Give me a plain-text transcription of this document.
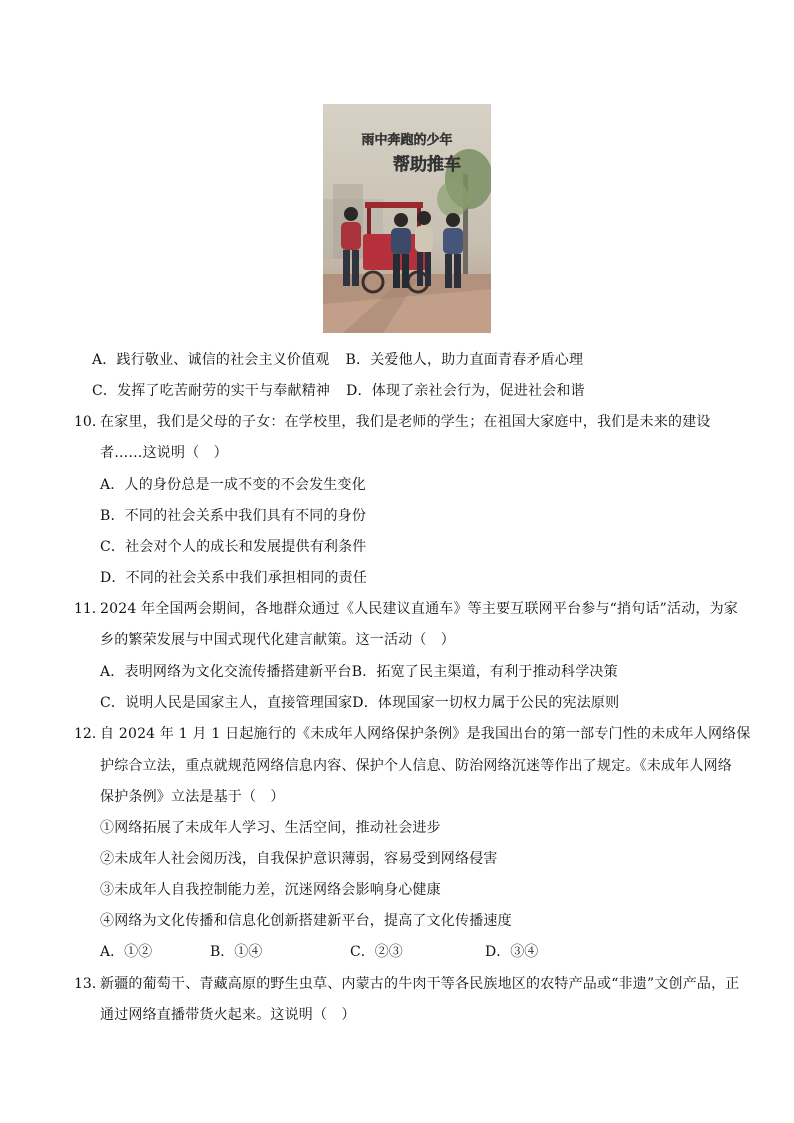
雨中奔跑的少年
帮助推车
A．践行敬业、诚信的社会主义价值观 B．关爱他人，助力直面青春矛盾心理
C．发挥了吃苦耐劳的实干与奉献精神 D．体现了亲社会行为，促进社会和谐
10．
在家里，我们是父母的子女：在学校里，我们是老师的学生；在祖国大家庭中，我们是未来的建设
者……这说明（　）
A．人的身份总是一成不变的不会发生变化
B．不同的社会关系中我们具有不同的身份
C．社会对个人的成长和发展提供有利条件
D．不同的社会关系中我们承担相同的责任
11．
2024 年全国两会期间，各地群众通过《人民建议直通车》等主要互联网平台参与“捎句话”活动，为家
乡的繁荣发展与中国式现代化建言献策。这一活动（　）
A．表明网络为文化交流传播搭建新平台B．拓宽了民主渠道，有利于推动科学决策
C．说明人民是国家主人，直接管理国家D．体现国家一切权力属于公民的宪法原则
12．
自 2024 年 1 月 1 日起施行的《未成年人网络保护条例》是我国出台的第一部专门性的未成年人网络保
护综合立法，重点就规范网络信息内容、保护个人信息、防治网络沉迷等作出了规定。《未成年人网络
保护条例》立法是基于（　）
①网络拓展了未成年人学习、生活空间，推动社会进步
②未成年人社会阅历浅，自我保护意识薄弱，容易受到网络侵害
③未成年人自我控制能力差，沉迷网络会影响身心健康
④网络为文化传播和信息化创新搭建新平台，提高了文化传播速度
A．①②	B．①④	C．②③	D．③④
13．
新疆的葡萄干、青藏高原的野生虫草、内蒙古的牛肉干等各民族地区的农特产品或“非遗”文创产品，正
通过网络直播带货火起来。这说明（　）
